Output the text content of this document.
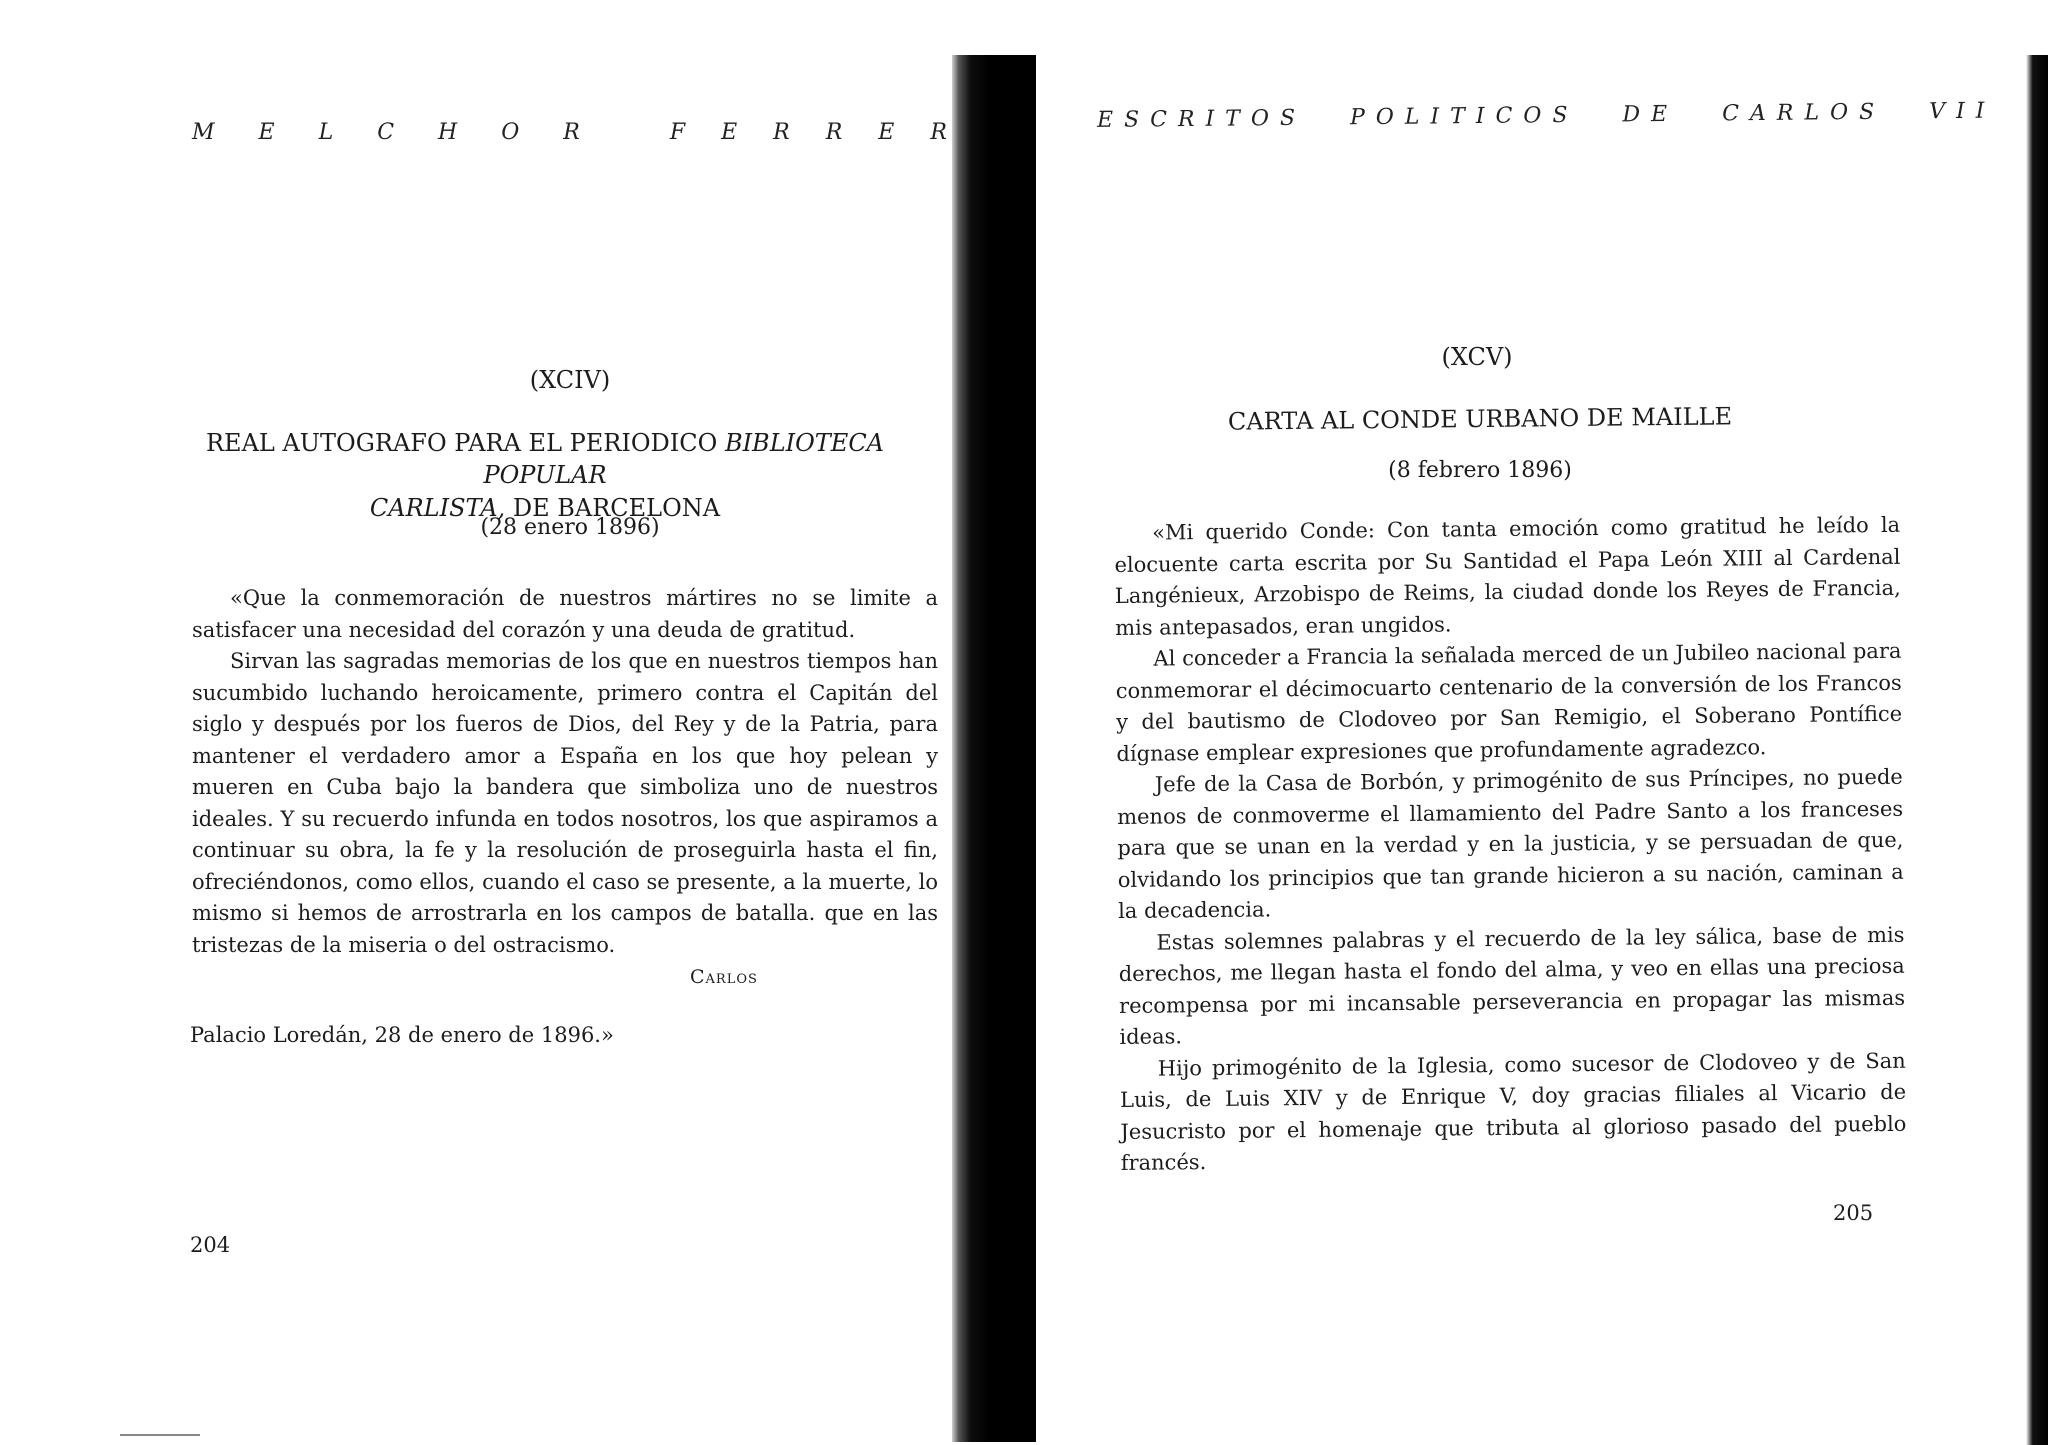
MELCHOR FERRER
(XCIV)
REAL AUTOGRAFO PARA EL PERIODICO BIBLIOTECA POPULAR
CARLISTA, DE BARCELONA
(28 enero 1896)

«Que la conmemoración de nuestros mártires no se limite a satisfacer una necesidad del corazón y una deuda de gratitud.

Sirvan las sagradas memorias de los que en nuestros tiempos han sucumbido luchando heroicamente, primero contra el Capitán del siglo y después por los fueros de Dios, del Rey y de la Patria, para mantener el verdadero amor a España en los que hoy pelean y mueren en Cuba bajo la bandera que simboliza uno de nuestros ideales. Y su recuerdo infunda en todos nosotros, los que aspiramos a continuar su obra, la fe y la resolución de proseguirla hasta el fin, ofreciéndonos, como ellos, cuando el caso se presente, a la muerte, lo mismo si hemos de arrostrarla en los campos de batalla. que en las tristezas de la miseria o del ostracismo.

Carlos
Palacio Loredán, 28 de enero de 1896.»
204
ESCRITOS POLITICOS DE CARLOS VII
(XCV)
CARTA AL CONDE URBANO DE MAILLE
(8 febrero 1896)

«Mi querido Conde: Con tanta emoción como gratitud he leído la elocuente carta escrita por Su Santidad el Papa León XIII al Cardenal Langénieux, Arzobispo de Reims, la ciudad donde los Reyes de Francia, mis antepasados, eran ungidos.

Al conceder a Francia la señalada merced de un Jubileo nacional para conmemorar el décimocuarto centenario de la conversión de los Francos y del bautismo de Clodoveo por San Remigio, el Soberano Pontífice dígnase emplear expresiones que profundamente agradezco.

Jefe de la Casa de Borbón, y primogénito de sus Príncipes, no puede menos de conmoverme el llamamiento del Padre Santo a los franceses para que se unan en la verdad y en la justicia, y se persuadan de que, olvidando los principios que tan grande hicieron a su nación, caminan a la decadencia.

Estas solemnes palabras y el recuerdo de la ley sálica, base de mis derechos, me llegan hasta el fondo del alma, y veo en ellas una preciosa recompensa por mi incansable perseverancia en propagar las mismas ideas.

Hijo primogénito de la Iglesia, como sucesor de Clodoveo y de San Luis, de Luis XIV y de Enrique V, doy gracias filiales al Vicario de Jesucristo por el homenaje que tributa al glorioso pasado del pueblo francés.

205
